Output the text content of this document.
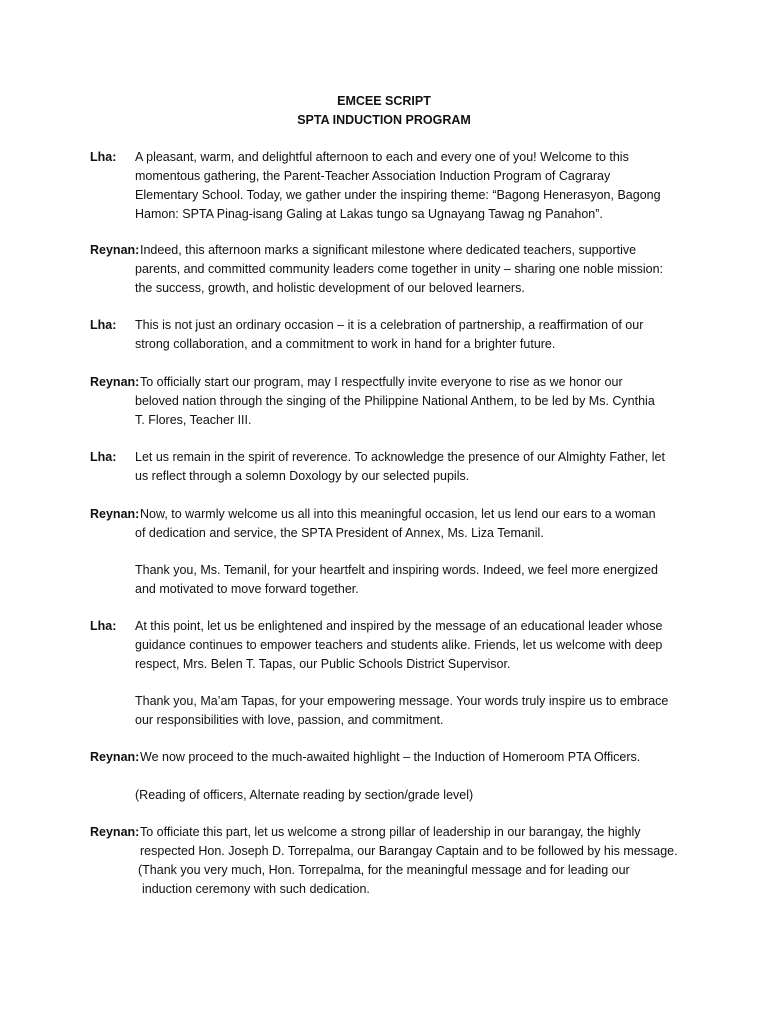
EMCEE SCRIPT
SPTA INDUCTION PROGRAM
Lha: A pleasant, warm, and delightful afternoon to each and every one of you! Welcome to this
momentous gathering, the Parent-Teacher Association Induction Program of Cagraray
Elementary School. Today, we gather under the inspiring theme: “Bagong Henerasyon, Bagong
Hamon: SPTA Pinag-isang Galing at Lakas tungo sa Ugnayang Tawag ng Panahon”.
Reynan: Indeed, this afternoon marks a significant milestone where dedicated teachers, supportive
parents, and committed community leaders come together in unity – sharing one noble mission:
the success, growth, and holistic development of our beloved learners.
Lha: This is not just an ordinary occasion – it is a celebration of partnership, a reaffirmation of our
strong collaboration, and a commitment to work in hand for a brighter future.
Reynan: To officially start our program, may I respectfully invite everyone to rise as we honor our
beloved nation through the singing of the Philippine National Anthem, to be led by Ms. Cynthia
T. Flores, Teacher III.
Lha: Let us remain in the spirit of reverence. To acknowledge the presence of our Almighty Father, let
us reflect through a solemn Doxology by our selected pupils.
Reynan: Now, to warmly welcome us all into this meaningful occasion, let us lend our ears to a woman
of dedication and service, the SPTA President of Annex, Ms. Liza Temanil.
Thank you, Ms. Temanil, for your heartfelt and inspiring words. Indeed, we feel more energized
and motivated to move forward together.
Lha: At this point, let us be enlightened and inspired by the message of an educational leader whose
guidance continues to empower teachers and students alike. Friends, let us welcome with deep
respect, Mrs. Belen T. Tapas, our Public Schools District Supervisor.
Thank you, Ma’am Tapas, for your empowering message. Your words truly inspire us to embrace
our responsibilities with love, passion, and commitment.
Reynan: We now proceed to the much-awaited highlight – the Induction of Homeroom PTA Officers.
(Reading of officers, Alternate reading by section/grade level)
Reynan: To officiate this part, let us welcome a strong pillar of leadership in our barangay, the highly
respected Hon. Joseph D. Torrepalma, our Barangay Captain and to be followed by his message.
(Thank you very much, Hon. Torrepalma, for the meaningful message and for leading our
induction ceremony with such dedication.
